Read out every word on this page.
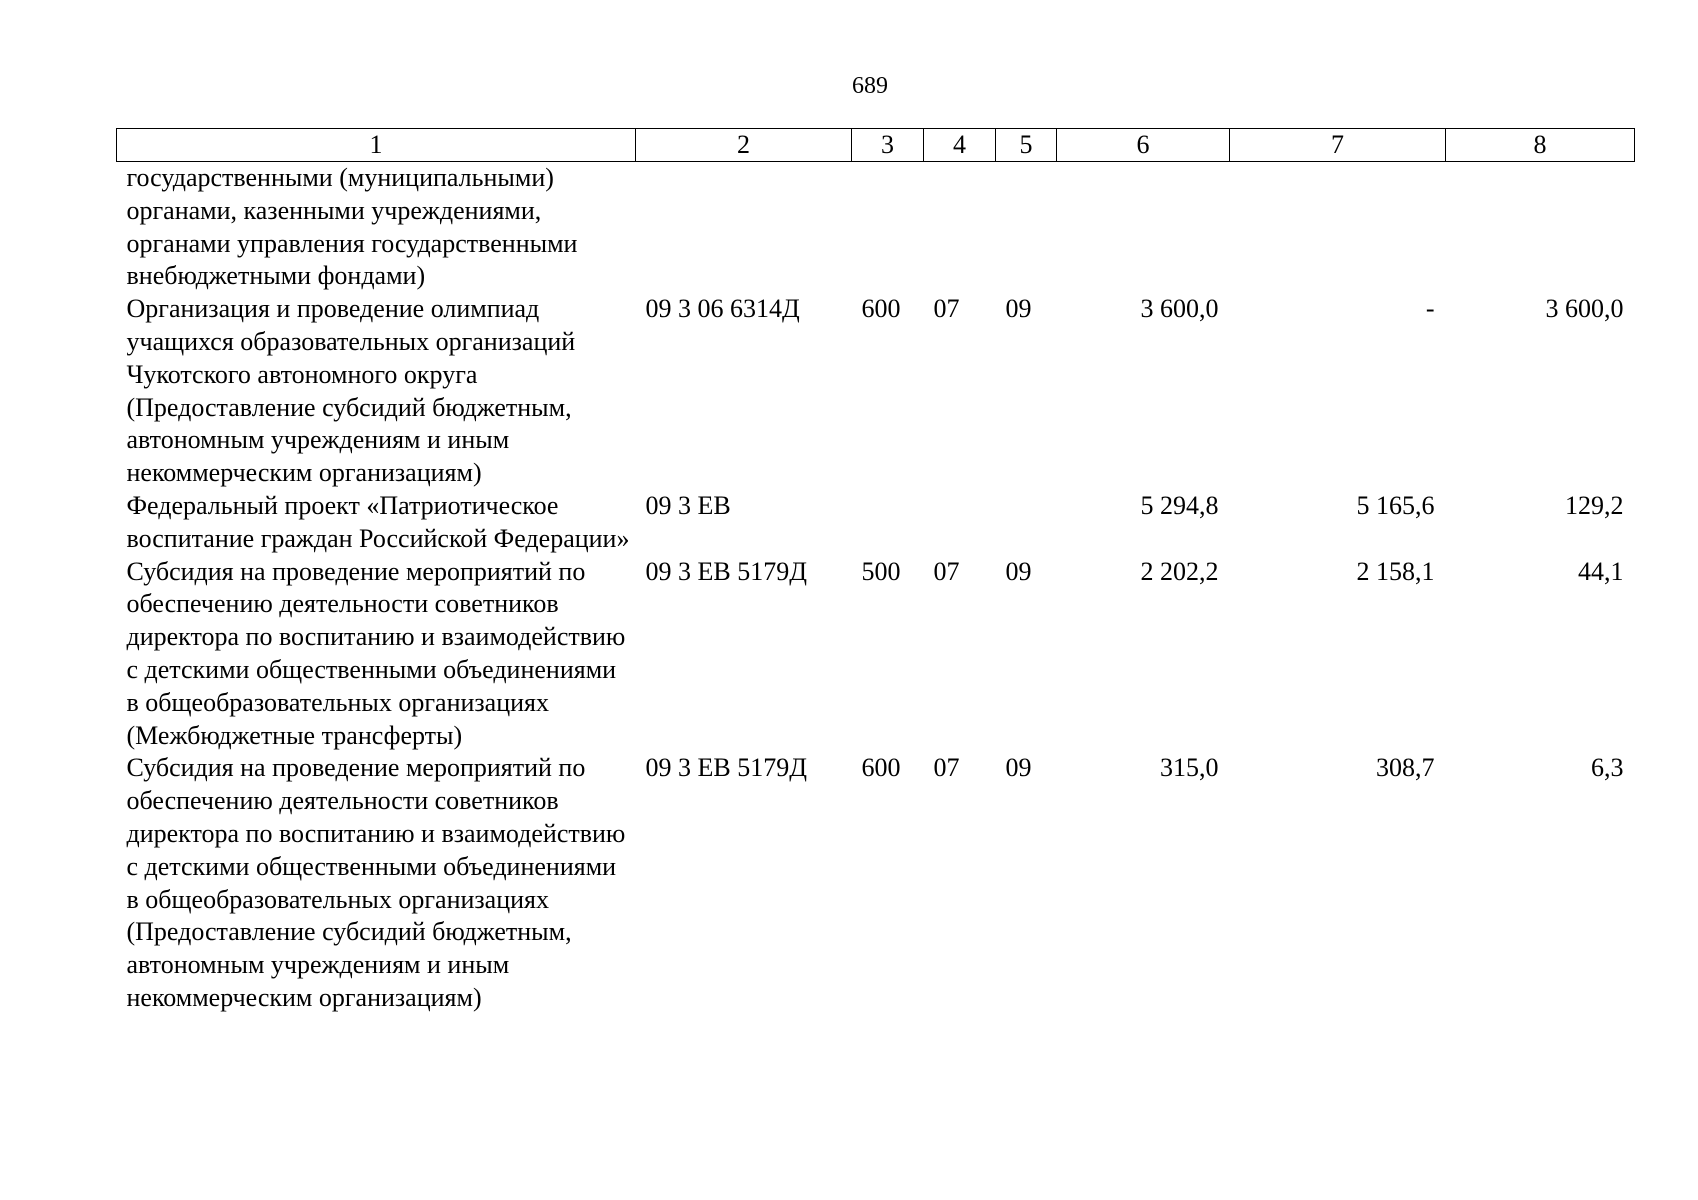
689
1	2	3	4	5	6	7	8
государственными (муниципальными) органами, казенными учреждениями, органами управления государственными внебюджетными фондами)							
Организация и проведение олимпиад учащихся образовательных организаций Чукотского автономного округа (Предоставление субсидий бюджетным, автономным учреждениям и иным некоммерческим организациям)	09 3 06 6314Д	600	07	09	3 600,0	-	3 600,0
Федеральный проект «Патриотическое воспитание граждан Российской Федерации»	09 3 ЕВ				5 294,8	5 165,6	129,2
Субсидия на проведение мероприятий по обеспечению деятельности советников директора по воспитанию и взаимодействию с детскими общественными объединениями в общеобразовательных организациях (Межбюджетные трансферты)	09 3 ЕВ 5179Д	500	07	09	2 202,2	2 158,1	44,1
Субсидия на проведение мероприятий по обеспечению деятельности советников директора по воспитанию и взаимодействию с детскими общественными объединениями в общеобразовательных организациях (Предоставление субсидий бюджетным, автономным учреждениям и иным некоммерческим организациям)	09 3 ЕВ 5179Д	600	07	09	315,0	308,7	6,3
